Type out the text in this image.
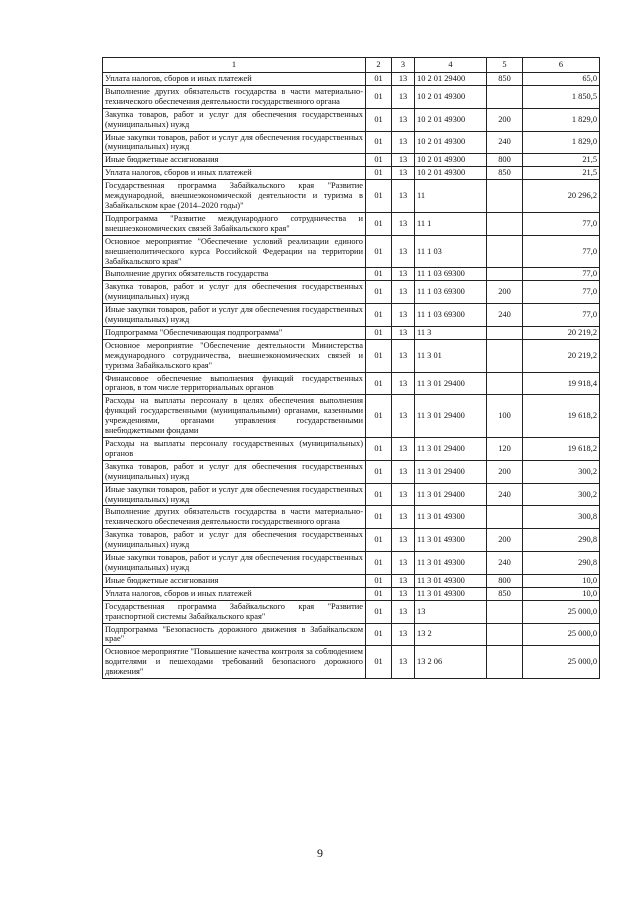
1	2	3	4	5	6
Уплата налогов, сборов и иных платежей	01	13	10 2 01 29400	850	65,0
Выполнение других обязательств государства в части материально-технического обеспечения деятельности государственного органа	01	13	10 2 01 49300		1 850,5
Закупка товаров, работ и услуг для обеспечения государственных (муниципальных) нужд	01	13	10 2 01 49300	200	1 829,0
Иные закупки товаров, работ и услуг для обеспечения государственных (муниципальных) нужд	01	13	10 2 01 49300	240	1 829,0
Иные бюджетные ассигнования	01	13	10 2 01 49300	800	21,5
Уплата налогов, сборов и иных платежей	01	13	10 2 01 49300	850	21,5
Государственная программа Забайкальского края "Развитие международной, внешнеэкономической деятельности и туризма в Забайкальском крае (2014–2020 годы)"	01	13	11		20 296,2
Подпрограмма "Развитие международного сотрудничества и внешнеэкономических связей Забайкальского края"	01	13	11 1		77,0
Основное мероприятие "Обеспечение условий реализации единого внешнеполитического курса Российской Федерации на территории Забайкальского края"	01	13	11 1 03		77,0
Выполнение других обязательств государства	01	13	11 1 03 69300		77,0
Закупка товаров, работ и услуг для обеспечения государственных (муниципальных) нужд	01	13	11 1 03 69300	200	77,0
Иные закупки товаров, работ и услуг для обеспечения государственных (муниципальных) нужд	01	13	11 1 03 69300	240	77,0
Подпрограмма "Обеспечивающая подпрограмма"	01	13	11 3		20 219,2
Основное мероприятие "Обеспечение деятельности Министерства международного сотрудничества, внешнеэкономических связей и туризма Забайкальского края"	01	13	11 3 01		20 219,2
Финансовое обеспечение выполнения функций государственных органов, в том числе территориальных органов	01	13	11 3 01 29400		19 918,4
Расходы на выплаты персоналу в целях обеспечения выполнения функций государственными (муниципальными) органами, казенными учреждениями, органами управления государственными внебюджетными фондами	01	13	11 3 01 29400	100	19 618,2
Расходы на выплаты персоналу государственных (муниципальных) органов	01	13	11 3 01 29400	120	19 618,2
Закупка товаров, работ и услуг для обеспечения государственных (муниципальных) нужд	01	13	11 3 01 29400	200	300,2
Иные закупки товаров, работ и услуг для обеспечения государственных (муниципальных) нужд	01	13	11 3 01 29400	240	300,2
Выполнение других обязательств государства в части материально-технического обеспечения деятельности государственного органа	01	13	11 3 01 49300		300,8
Закупка товаров, работ и услуг для обеспечения государственных (муниципальных) нужд	01	13	11 3 01 49300	200	290,8
Иные закупки товаров, работ и услуг для обеспечения государственных (муниципальных) нужд	01	13	11 3 01 49300	240	290,8
Иные бюджетные ассигнования	01	13	11 3 01 49300	800	10,0
Уплата налогов, сборов и иных платежей	01	13	11 3 01 49300	850	10,0
Государственная программа Забайкальского края "Развитие транспортной системы Забайкальского края"	01	13	13		25 000,0
Подпрограмма "Безопасность дорожного движения в Забайкальском крае"	01	13	13 2		25 000,0
Основное мероприятие "Повышение качества контроля за соблюдением водителями и пешеходами требований безопасного дорожного движения"	01	13	13 2 06		25 000,0
9
